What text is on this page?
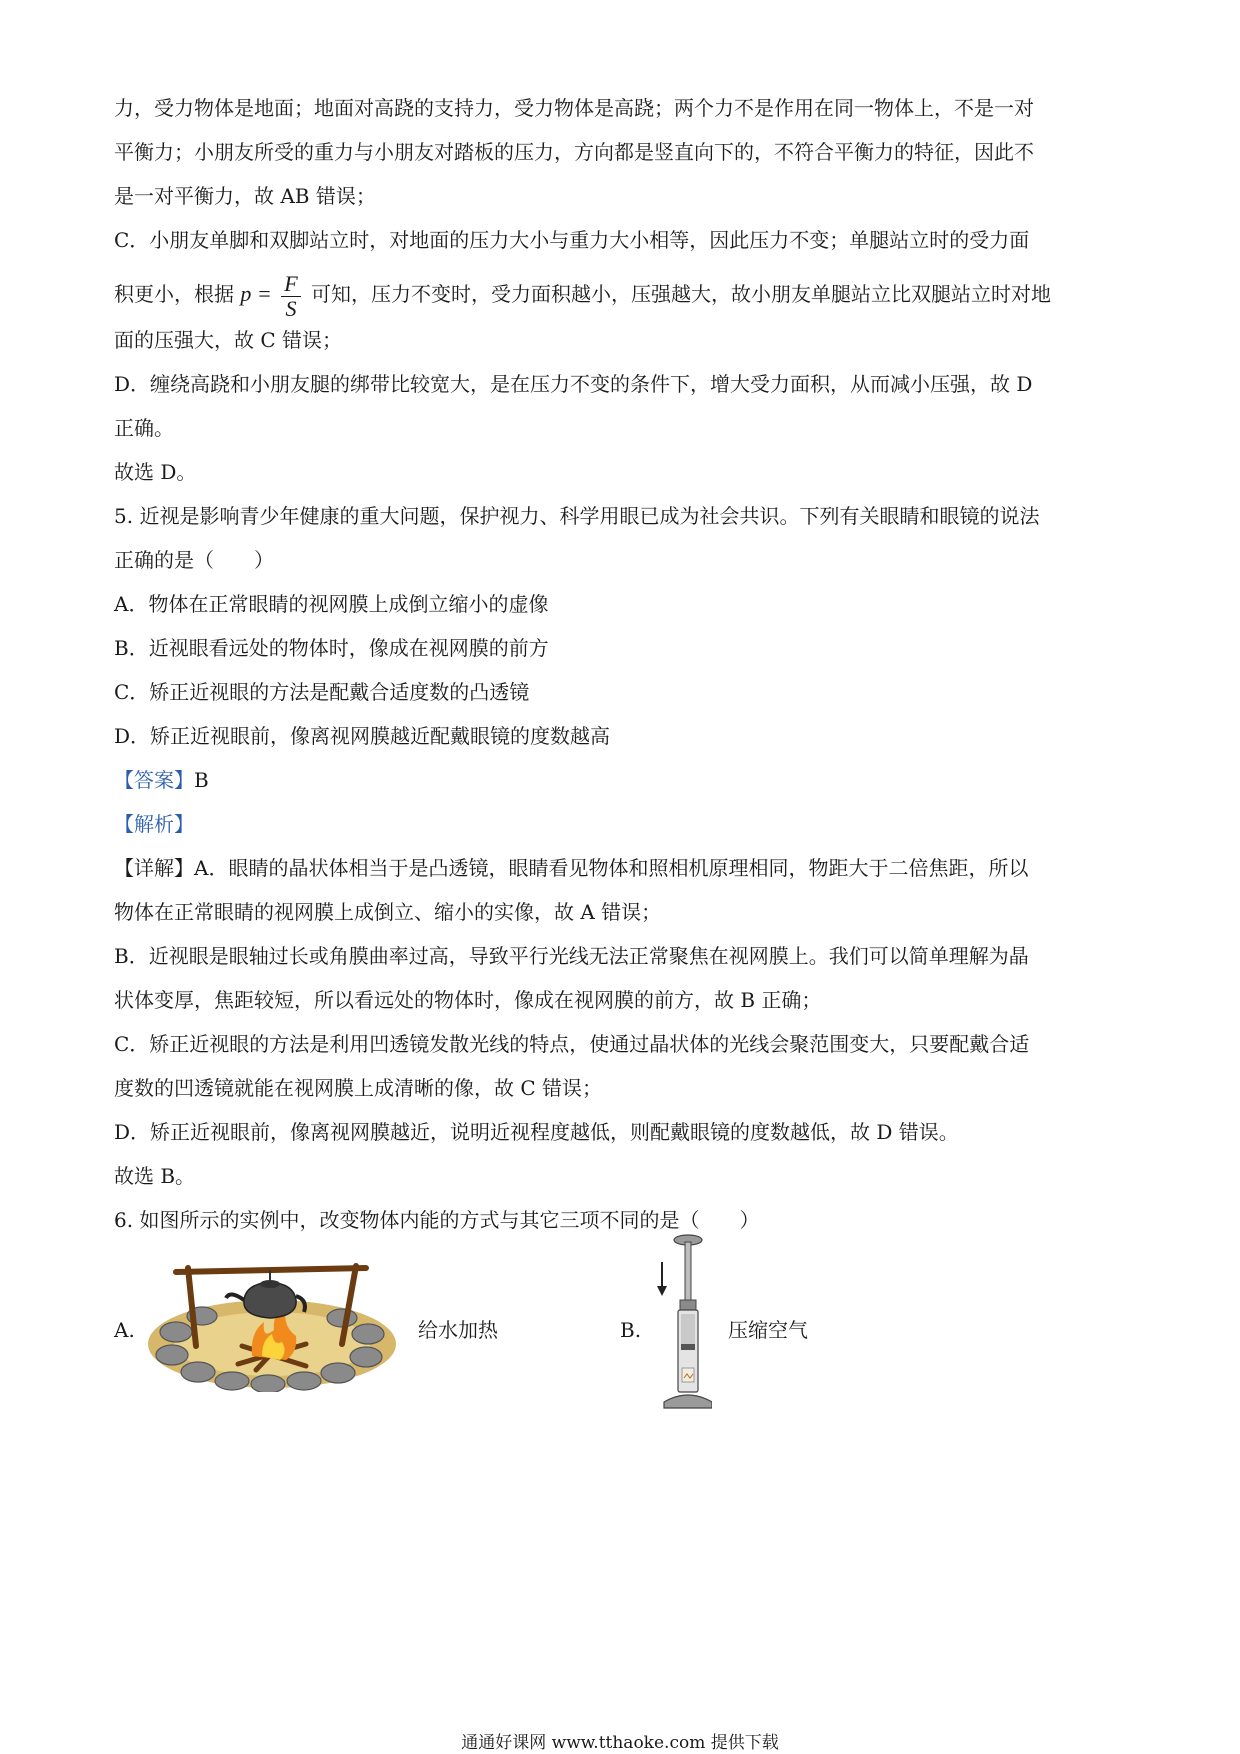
力，受力物体是地面；地面对高跷的支持力，受力物体是高跷；两个力不是作用在同一物体上，不是一对
平衡力；小朋友所受的重力与小朋友对踏板的压力，方向都是竖直向下的，不符合平衡力的特征，因此不
是一对平衡力，故 AB 错误；
C．小朋友单脚和双脚站立时，对地面的压力大小与重力大小相等，因此压力不变；单腿站立时的受力面
积更小，根据 $p = \frac{F}{S}$ 可知，压力不变时，受力面积越小，压强越大，故小朋友单腿站立比双腿站立时对地
面的压强大，故 C 错误；
D．缠绕高跷和小朋友腿的绑带比较宽大，是在压力不变的条件下，增大受力面积，从而减小压强，故 D
正确。
故选 D。
5. 近视是影响青少年健康的重大问题，保护视力、科学用眼已成为社会共识。下列有关眼睛和眼镜的说法
正确的是（　　）
A．物体在正常眼睛的视网膜上成倒立缩小的虚像
B．近视眼看远处的物体时，像成在视网膜的前方
C．矫正近视眼的方法是配戴合适度数的凸透镜
D．矫正近视眼前，像离视网膜越近配戴眼镜的度数越高
【答案】B
【解析】
【详解】A．眼睛的晶状体相当于是凸透镜，眼睛看见物体和照相机原理相同，物距大于二倍焦距，所以
物体在正常眼睛的视网膜上成倒立、缩小的实像，故 A 错误；
B．近视眼是眼轴过长或角膜曲率过高，导致平行光线无法正常聚焦在视网膜上。我们可以简单理解为晶
状体变厚，焦距较短，所以看远处的物体时，像成在视网膜的前方，故 B 正确；
C．矫正近视眼的方法是利用凹透镜发散光线的特点，使通过晶状体的光线会聚范围变大，只要配戴合适
度数的凹透镜就能在视网膜上成清晰的像，故 C 错误；
D．矫正近视眼前，像离视网膜越近，说明近视程度越低，则配戴眼镜的度数越低，故 D 错误。
故选 B。
6. 如图所示的实例中，改变物体内能的方式与其它三项不同的是（　　）
A.	给水加热	B.	压缩空气
通通好课网 www.tthaoke.com 提供下载
